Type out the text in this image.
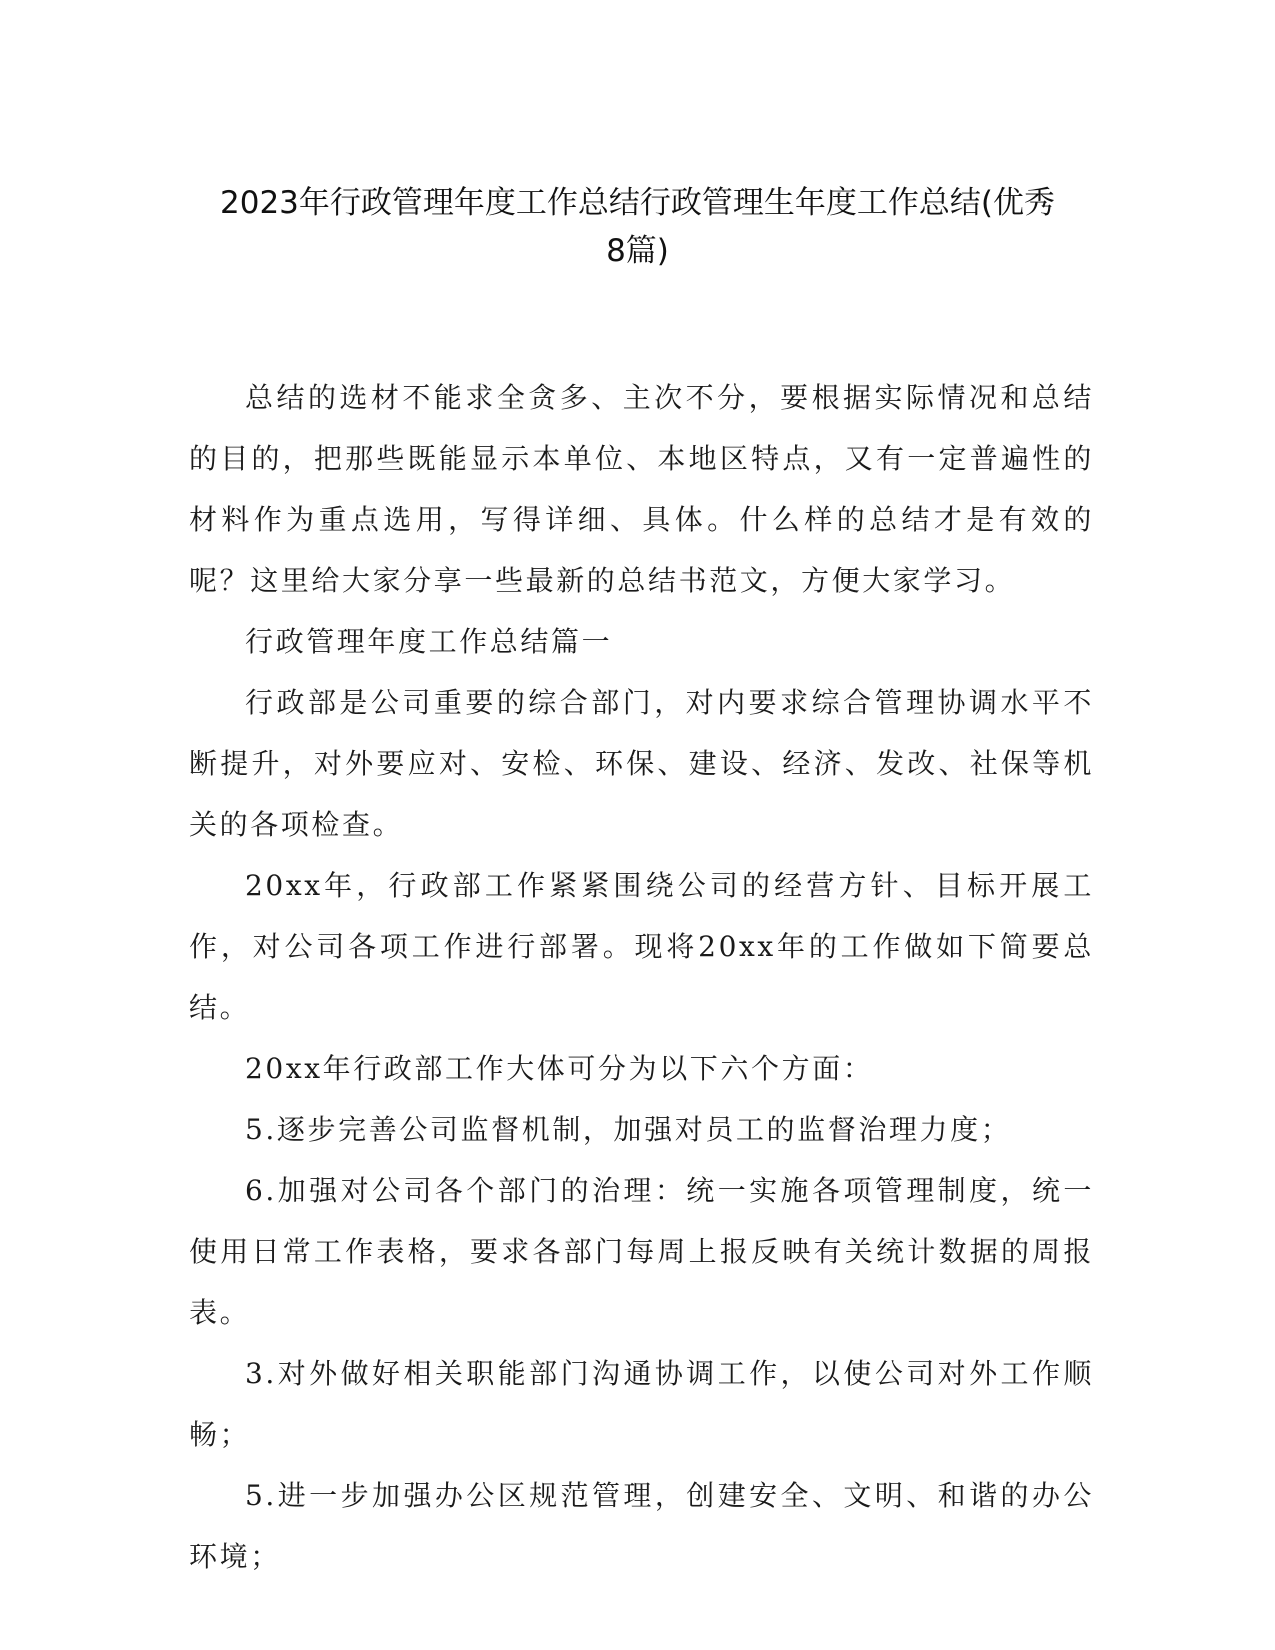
2023年行政管理年度工作总结行政管理生年度工作总结(优秀
8篇)

总结的选材不能求全贪多、主次不分，要根据实际情况和总结的目的，把那些既能显示本单位、本地区特点，又有一定普遍性的材料作为重点选用，写得详细、具体。什么样的总结才是有效的呢？这里给大家分享一些最新的总结书范文，方便大家学习。

行政管理年度工作总结篇一

行政部是公司重要的综合部门，对内要求综合管理协调水平不断提升，对外要应对、安检、环保、建设、经济、发改、社保等机关的各项检查。

20xx年，行政部工作紧紧围绕公司的经营方针、目标开展工作，对公司各项工作进行部署。现将20xx年的工作做如下简要总结。

20xx年行政部工作大体可分为以下六个方面：

5.逐步完善公司监督机制，加强对员工的监督治理力度；

6.加强对公司各个部门的治理：统一实施各项管理制度，统一使用日常工作表格，要求各部门每周上报反映有关统计数据的周报表。

3.对外做好相关职能部门沟通协调工作，以使公司对外工作顺畅；

5.进一步加强办公区规范管理，创建安全、文明、和谐的办公环境；
